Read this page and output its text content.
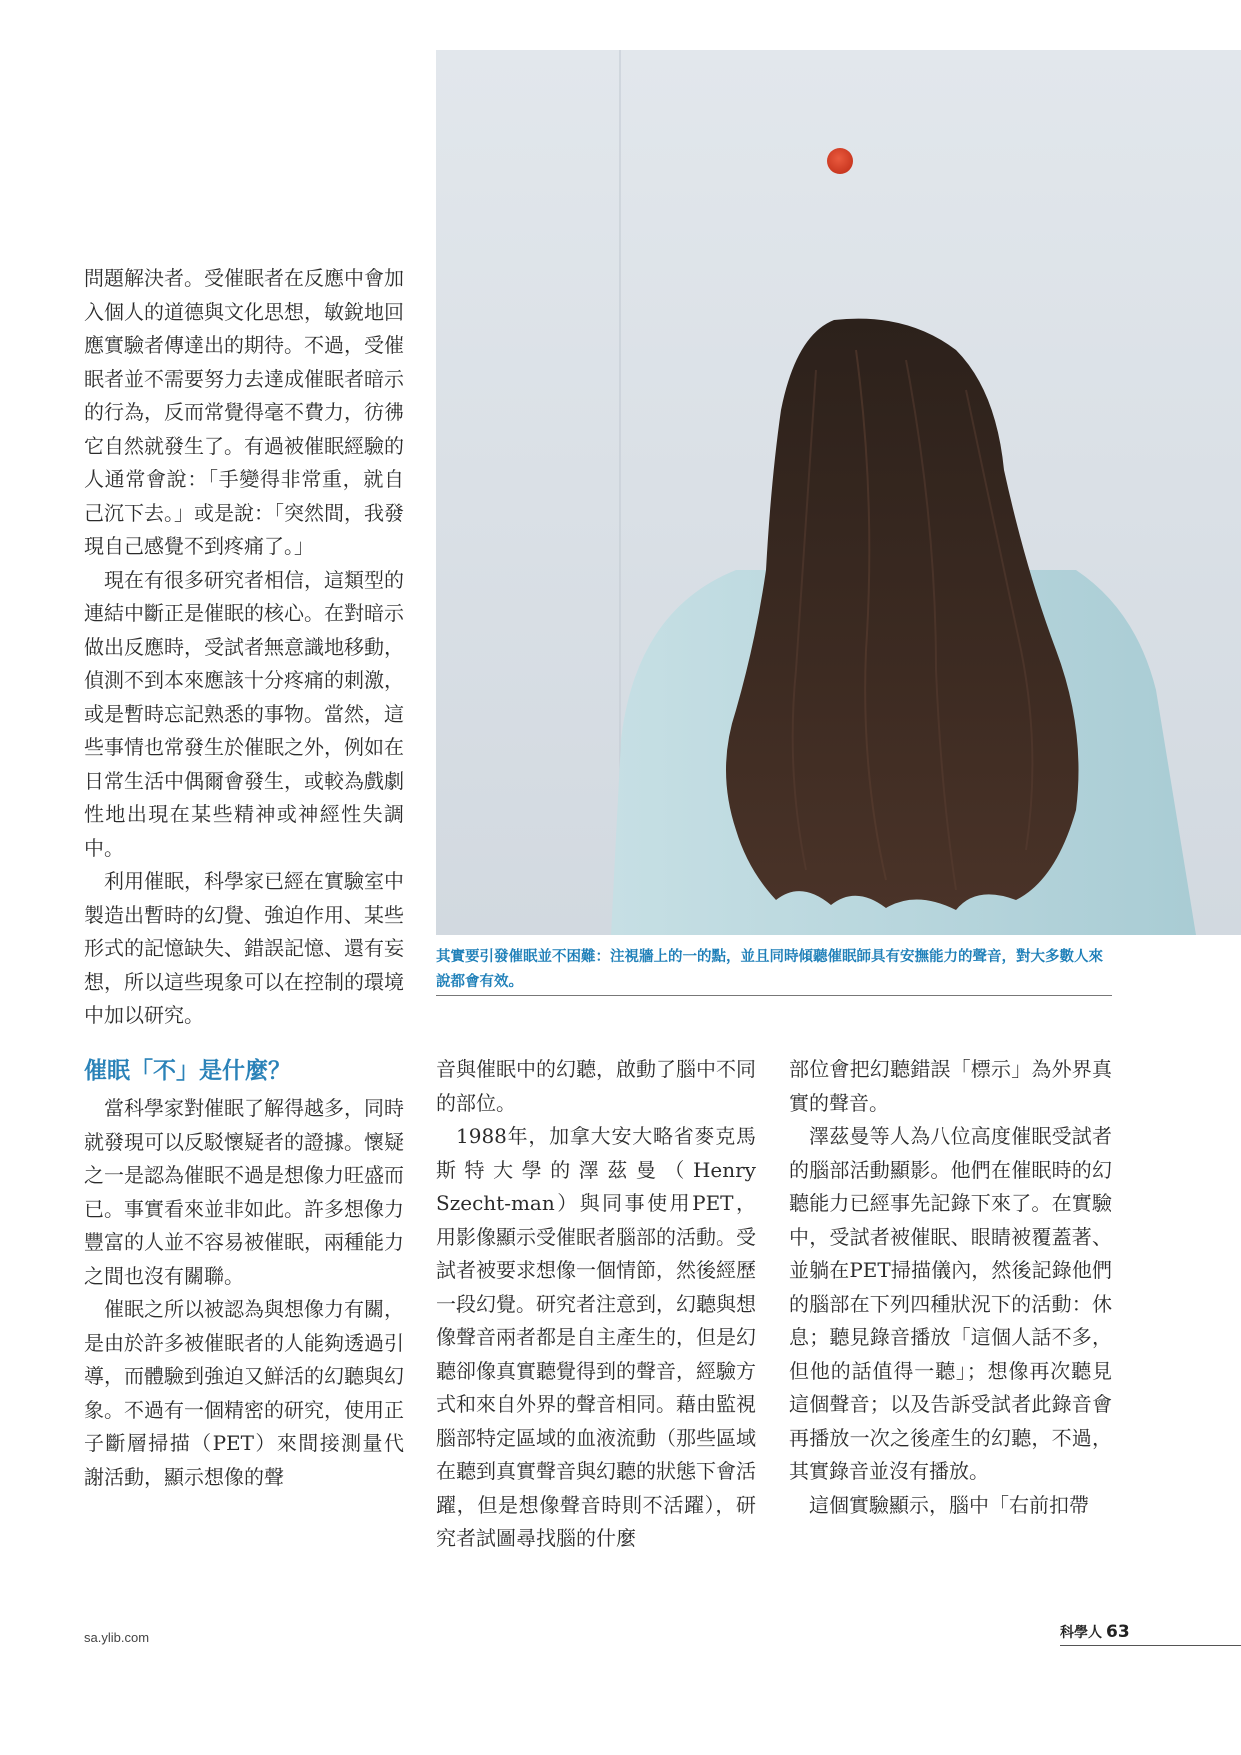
問題解決者。受催眠者在反應中會加入個人的道德與文化思想，敏銳地回應實驗者傳達出的期待。不過，受催眠者並不需要努力去達成催眠者暗示的行為，反而常覺得毫不費力，彷彿它自然就發生了。有過被催眠經驗的人通常會說：「手變得非常重，就自己沉下去。」或是說：「突然間，我發現自己感覺不到疼痛了。」

現在有很多研究者相信，這類型的連結中斷正是催眠的核心。在對暗示做出反應時，受試者無意識地移動，偵測不到本來應該十分疼痛的刺激，或是暫時忘記熟悉的事物。當然，這些事情也常發生於催眠之外，例如在日常生活中偶爾會發生，或較為戲劇性地出現在某些精神或神經性失調中。

利用催眠，科學家已經在實驗室中製造出暫時的幻覺、強迫作用、某些形式的記憶缺失、錯誤記憶、還有妄想，所以這些現象可以在控制的環境中加以研究。

催眠「不」是什麼？

當科學家對催眠了解得越多，同時就發現可以反駁懷疑者的證據。懷疑之一是認為催眠不過是想像力旺盛而已。事實看來並非如此。許多想像力豐富的人並不容易被催眠，兩種能力之間也沒有關聯。

催眠之所以被認為與想像力有關，是由於許多被催眠者的人能夠透過引導，而體驗到強迫又鮮活的幻聽與幻象。不過有一個精密的研究，使用正子斷層掃描（PET）來間接測量代謝活動，顯示想像的聲

其實要引發催眠並不困難：注視牆上的一的點，並且同時傾聽催眠師具有安撫能力的聲音，對大多數人來說都會有效。

音與催眠中的幻聽，啟動了腦中不同的部位。

1988年，加拿大安大略省麥克馬斯特大學的澤茲曼（Henry Szecht-man）與同事使用PET，用影像顯示受催眠者腦部的活動。受試者被要求想像一個情節，然後經歷一段幻覺。研究者注意到，幻聽與想像聲音兩者都是自主產生的，但是幻聽卻像真實聽覺得到的聲音，經驗方式和來自外界的聲音相同。藉由監視腦部特定區域的血液流動（那些區域在聽到真實聲音與幻聽的狀態下會活躍，但是想像聲音時則不活躍），研究者試圖尋找腦的什麼

部位會把幻聽錯誤「標示」為外界真實的聲音。

澤茲曼等人為八位高度催眠受試者的腦部活動顯影。他們在催眠時的幻聽能力已經事先記錄下來了。在實驗中，受試者被催眠、眼睛被覆蓋著、並躺在PET掃描儀內，然後記錄他們的腦部在下列四種狀況下的活動：休息；聽見錄音播放「這個人話不多，但他的話值得一聽」；想像再次聽見這個聲音；以及告訴受試者此錄音會再播放一次之後產生的幻聽，不過，其實錄音並沒有播放。

這個實驗顯示，腦中「右前扣帶

sa.ylib.com	科學人 63
